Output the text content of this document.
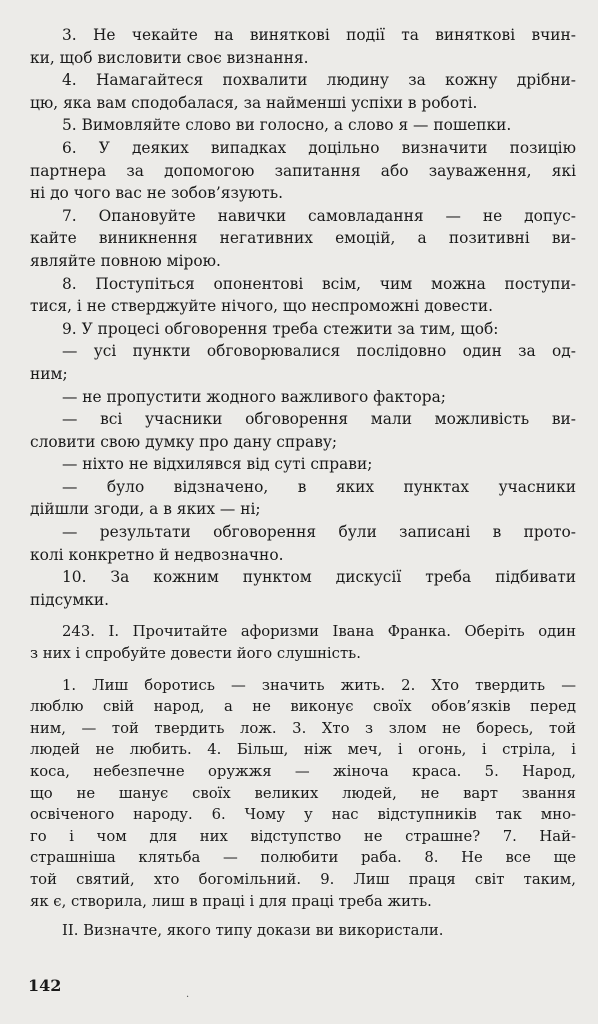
3. Не чекайте на виняткові події та виняткові вчин-
ки, щоб висловити своє визнання.
4. Намагайтеся похвалити людину за кожну дрібни-
цю, яка вам сподобалася, за найменші успіхи в роботі.
5. Вимовляйте слово ви голосно, а слово я — пошепки.
6. У деяких випадках доцільно визначити позицію
партнера за допомогою запитання або зауваження, які
ні до чого вас не зобов’язують.
7. Опановуйте навички самовладання — не допус-
кайте виникнення негативних емоцій, а позитивні ви-
являйте повною мірою.
8. Поступіться опонентові всім, чим можна поступи-
тися, і не стверджуйте нічого, що неспроможні довести.
9. У процесі обговорення треба стежити за тим, щоб:
— усі пункти обговорювалися послідовно один за од-
ним;
— не пропустити жодного важливого фактора;
— всі учасники обговорення мали можливість ви-
словити свою думку про дану справу;
— ніхто не відхилявся від суті справи;
— було відзначено, в яких пунктах учасники
дійшли згоди, а в яких — ні;
— результати обговорення були записані в прото-
колі конкретно й недвозначно.
10. За кожним пунктом дискусії треба підбивати
підсумки.
243. I. Прочитайте афоризми Івана Франка. Оберіть один
з них і спробуйте довести його слушність.
1. Лиш боротись — значить жить. 2. Хто твердить —
люблю свій народ, а не виконує своїх обов’язків перед
ним, — той твердить лож. 3. Хто з злом не боресь, той
людей не любить. 4. Більш, ніж меч, і огонь, і стріла, і
коса, небезпечне оружжя — жіноча краса. 5. Народ,
що не шанує своїх великих людей, не варт звання
освіченого народу. 6. Чому у нас відступників так мно-
го і чом для них відступство не страшне? 7. Най-
страшніша клятьба — полюбити раба. 8. Не все ще
той святий, хто богомільний. 9. Лиш праця світ таким,
як є, створила, лиш в праці і для праці треба жить.
II. Визначте, якого типу докази ви використали.
142
·
